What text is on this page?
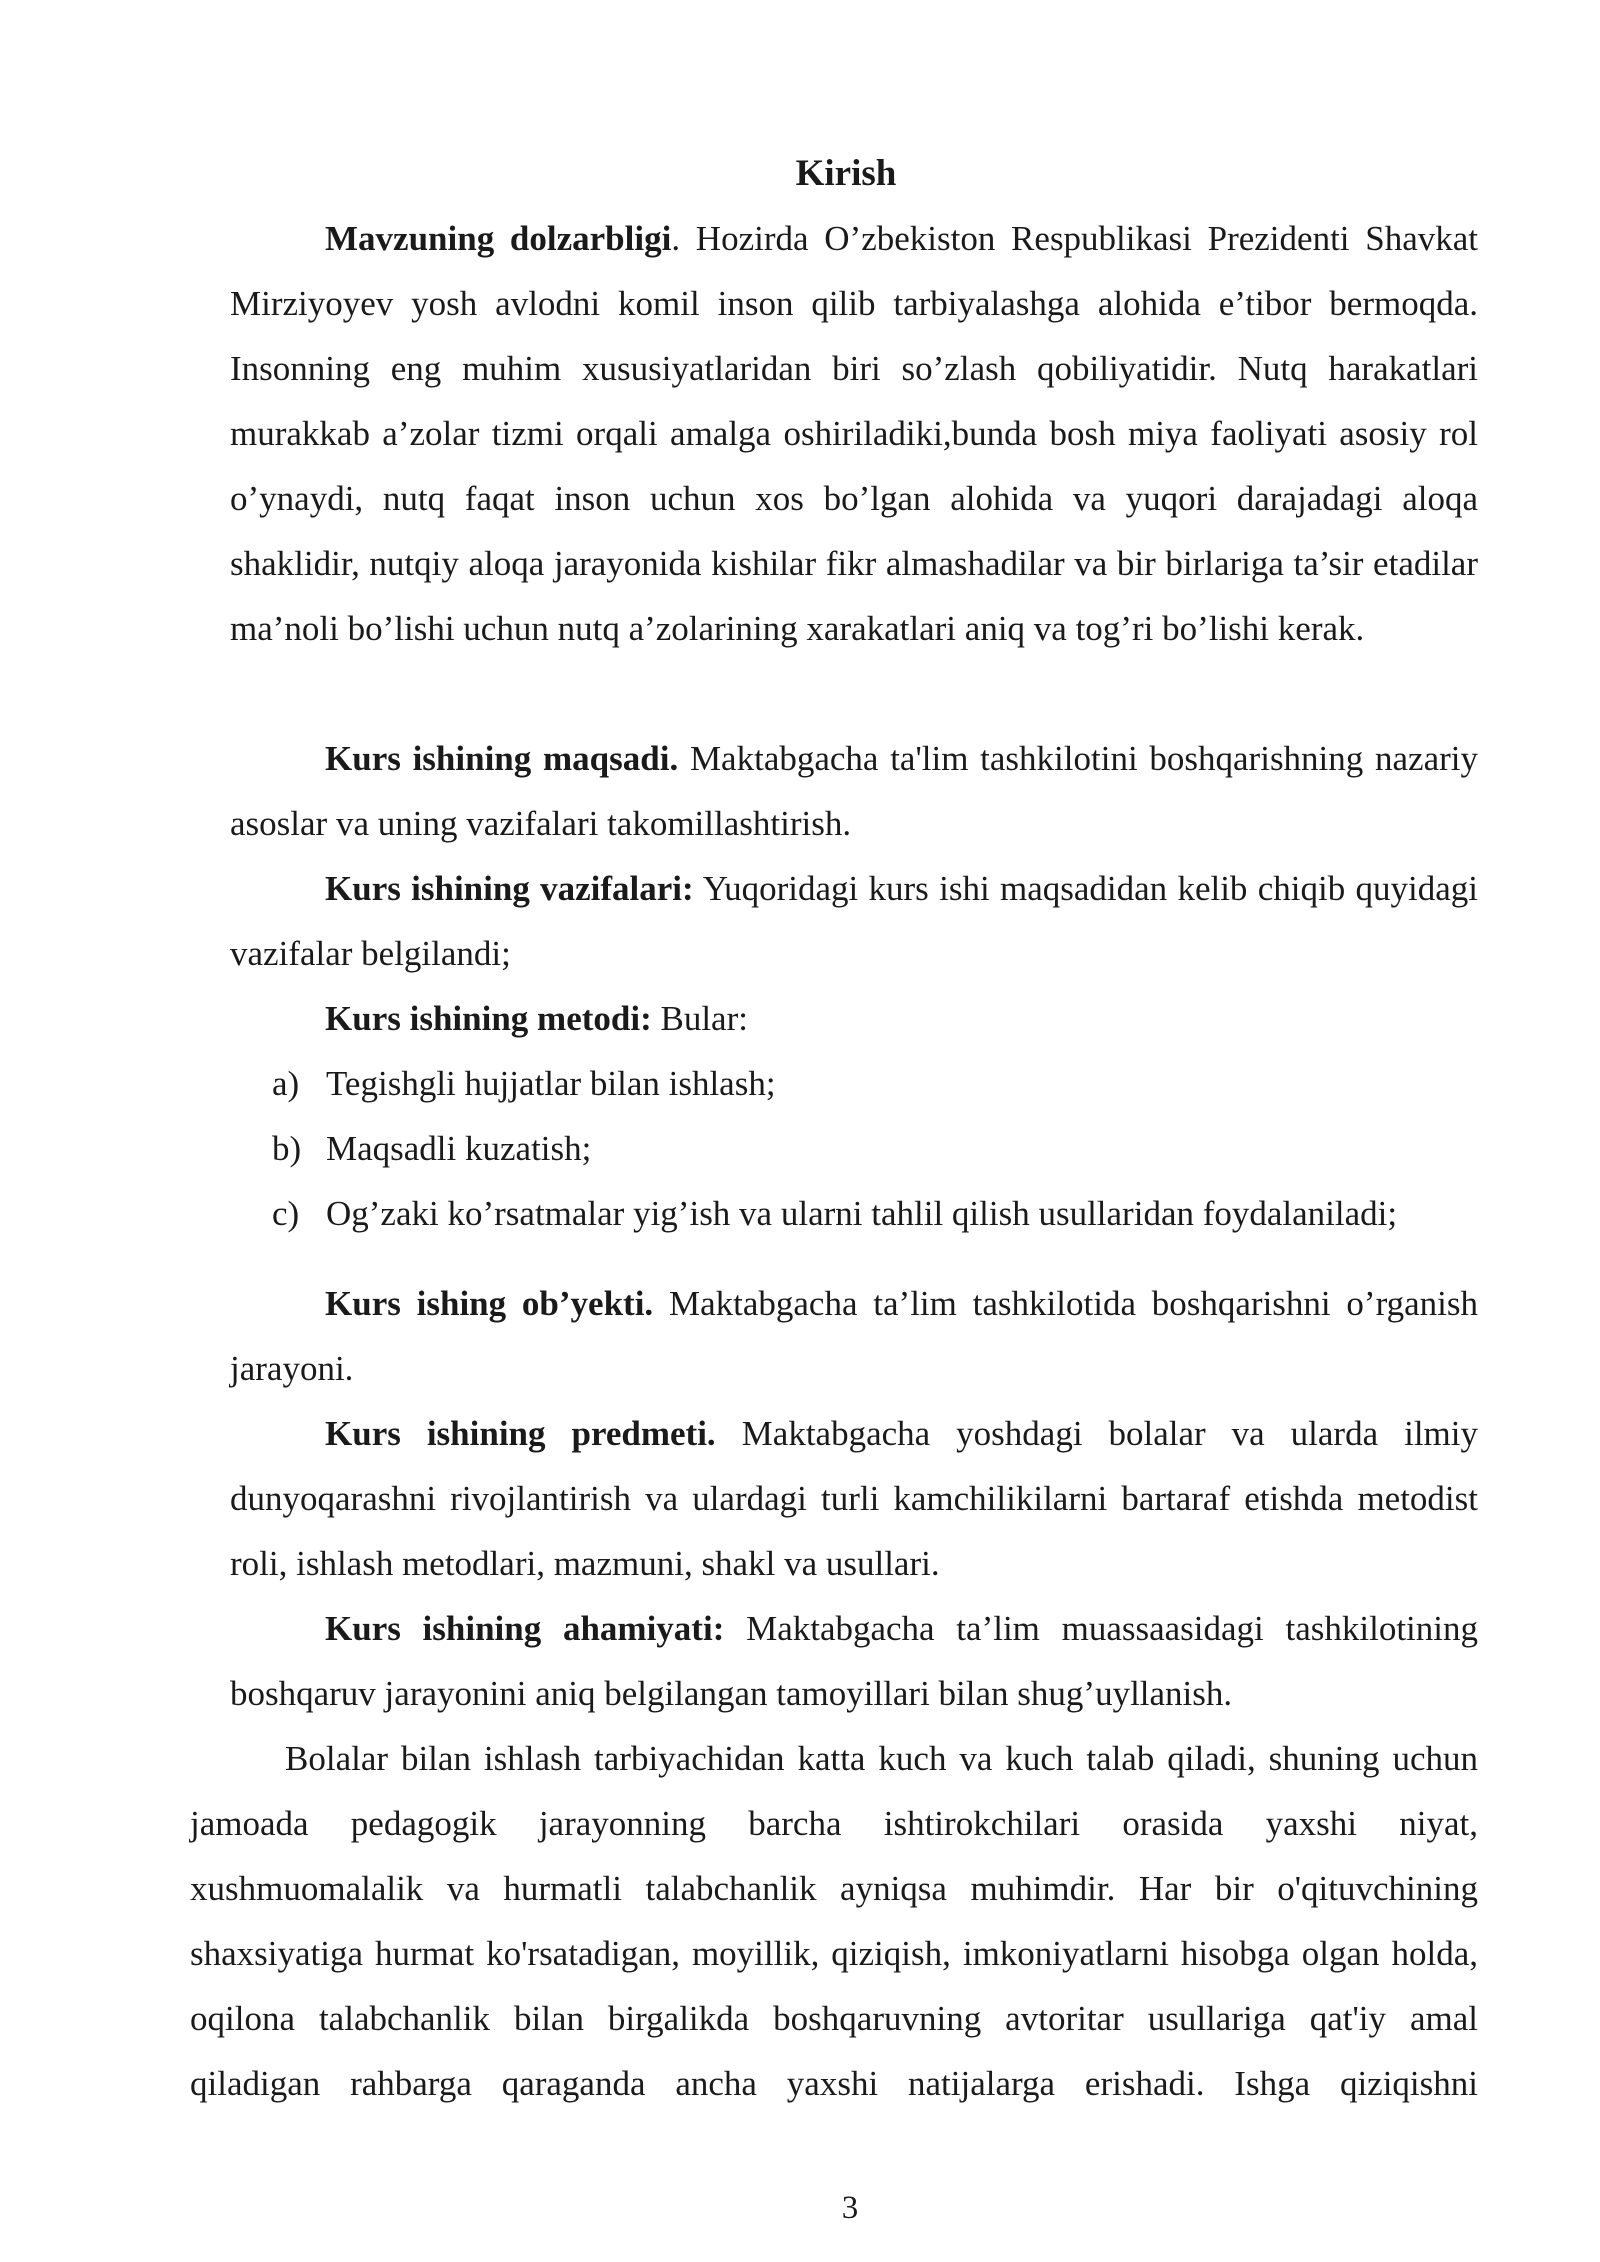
Kirish

Mavzuning dolzarbligi. Hozirda O’zbekiston Respublikasi Prezidenti Shavkat Mirziyoyev yosh avlodni komil inson qilib tarbiyalashga alohida e’tibor bermoqda. Insonning eng muhim xususiyatlaridan biri so’zlash qobiliyatidir. Nutq harakatlari murakkab a’zolar tizmi orqali amalga oshiriladiki,bunda bosh miya faoliyati asosiy rol o’ynaydi, nutq faqat inson uchun xos bo’lgan alohida va yuqori darajadagi aloqa shaklidir, nutqiy aloqa jarayonida kishilar fikr almashadilar va bir birlariga ta’sir etadilar ma’noli bo’lishi uchun nutq a’zolarining xarakatlari aniq va tog’ri bo’lishi kerak.

Kurs ishining maqsadi. Maktabgacha ta'lim tashkilotini boshqarishning nazariy asoslar va uning vazifalari takomillashtirish.

Kurs ishining vazifalari: Yuqoridagi kurs ishi maqsadidan kelib chiqib quyidagi vazifalar belgilandi;

Kurs ishining metodi: Bular:

a) Tegishgli hujjatlar bilan ishlash;
b) Maqsadli kuzatish;
c) Og’zaki ko’rsatmalar yig’ish va ularni tahlil qilish usullaridan foydalaniladi;

Kurs ishing ob’yekti. Maktabgacha ta’lim tashkilotida boshqarishni o’rganish jarayoni.

Kurs ishining predmeti. Maktabgacha yoshdagi bolalar va ularda ilmiy dunyoqarashni rivojlantirish va ulardagi turli kamchilikilarni bartaraf etishda metodist roli, ishlash metodlari, mazmuni, shakl va usullari.

Kurs ishining ahamiyati: Maktabgacha ta’lim muassaasidagi tashkilotining boshqaruv jarayonini aniq belgilangan tamoyillari bilan shug’uyllanish.

Bolalar bilan ishlash tarbiyachidan katta kuch va kuch talab qiladi, shuning uchun jamoada pedagogik jarayonning barcha ishtirokchilari orasida yaxshi niyat, xushmuomalalik va hurmatli talabchanlik ayniqsa muhimdir. Har bir o'qituvchining shaxsiyatiga hurmat ko'rsatadigan, moyillik, qiziqish, imkoniyatlarni hisobga olgan holda, oqilona talabchanlik bilan birgalikda boshqaruvning avtoritar usullariga qat'iy amal qiladigan rahbarga qaraganda ancha yaxshi natijalarga erishadi. Ishga qiziqishni

3
